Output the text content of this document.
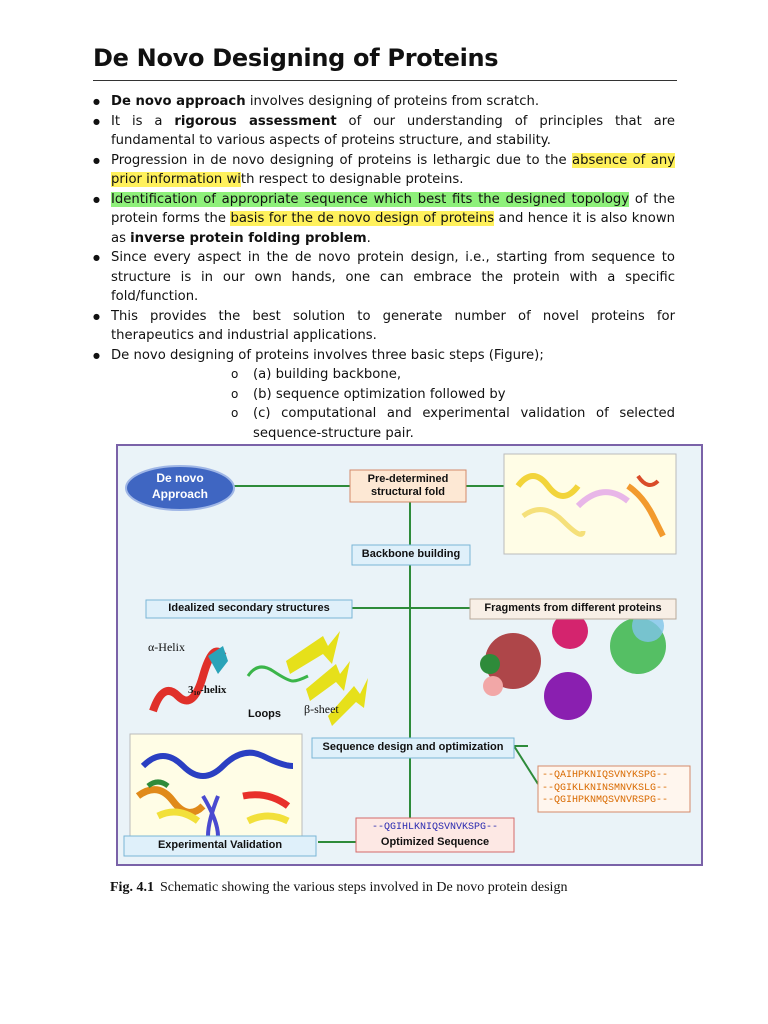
De Novo Designing of Proteins
● De novo approach involves designing of proteins from scratch.
● It is a rigorous assessment of our understanding of principles that are fundamental to various aspects of proteins structure, and stability.
● Progression in de novo designing of proteins is lethargic due to the absence of any prior information with respect to designable proteins.
● Identification of appropriate sequence which best fits the designed topology of the protein forms the basis for the de novo design of proteins and hence it is also known as inverse protein folding problem.
● Since every aspect in the de novo protein design, i.e., starting from sequence to structure is in our own hands, one can embrace the protein with a specific fold/function.
● This provides the best solution to generate number of novel proteins for therapeutics and industrial applications.
● De novo designing of proteins involves three basic steps (Figure);
o (a) building backbone,
o (b) sequence optimization followed by
o (c) computational and experimental validation of selected sequence-structure pair.
De novo
Approach
Pre-determined
structural fold
Backbone building
Idealized secondary structures	Fragments from different proteins
α-Helix
3₁₀-helix
Loops β-sheet
Sequence design and optimization
--QAIHPKNIQSVNYKSPG--
--QGIKLKNINSMNVKSLG--
--QGIHPKNMQSVNVRSPG--
--QGIHLKNIQSVNVKSPG--
Optimized Sequence
Experimental Validation
Fig. 4.1 Schematic showing the various steps involved in De novo protein design
